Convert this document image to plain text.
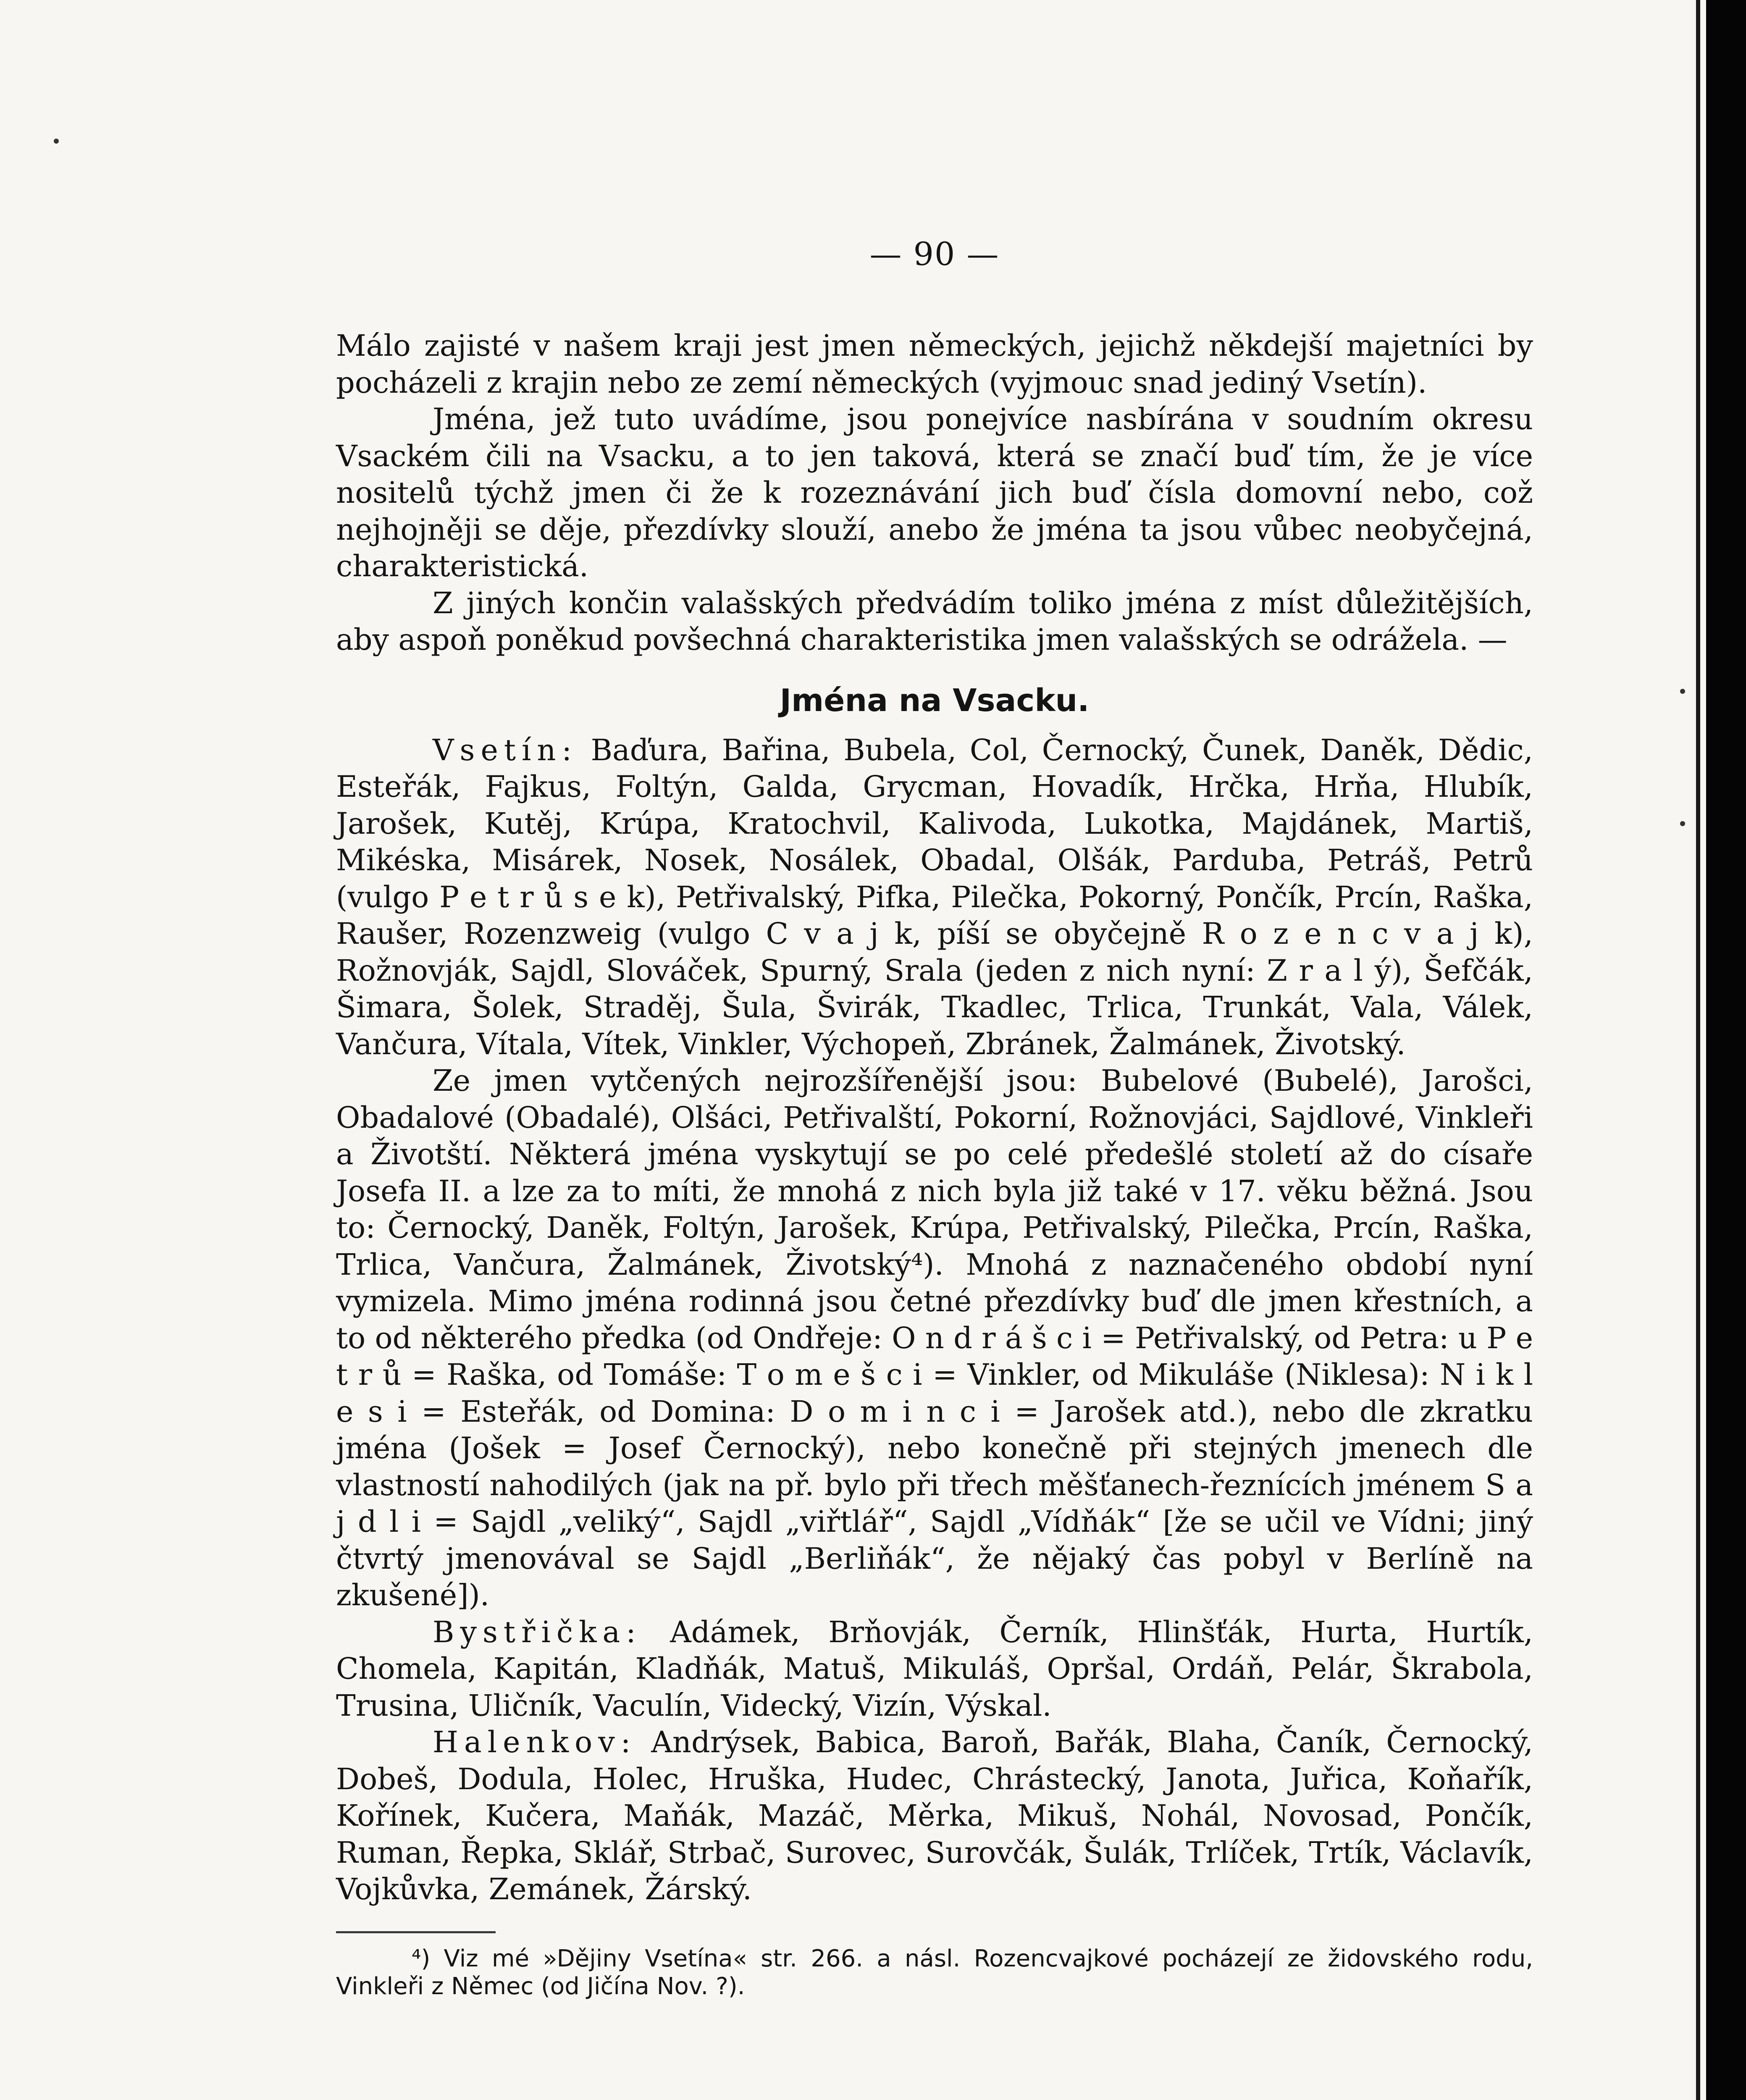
— 90 —

Málo zajisté v našem kraji jest jmen německých, jejichž někdejší majetníci by pocházeli z krajin nebo ze zemí německých (vyjmouc snad jediný Vsetín).

Jména, jež tuto uvádíme, jsou ponejvíce nasbírána v soudním okresu Vsackém čili na Vsacku, a to jen taková, která se značí buď tím, že je více nositelů týchž jmen či že k rozeznávání jich buď čísla domovní nebo, což nejhojněji se děje, přezdívky slouží, anebo že jména ta jsou vůbec neobyčejná, charakteristická.

Z jiných končin valašských předvádím toliko jména z míst důležitějších, aby aspoň poněkud povšechná charakteristika jmen valašských se odrážela. —

Jména na Vsacku.

Vsetín: Baďura, Bařina, Bubela, Col, Černocký, Čunek, Daněk, Dědic, Esteřák, Fajkus, Foltýn, Galda, Grycman, Hovadík, Hrčka, Hrňa, Hlubík, Jarošek, Kutěj, Krúpa, Kratochvil, Kalivoda, Lukotka, Majdánek, Martiš, Mikéska, Misárek, Nosek, Nosálek, Obadal, Olšák, Parduba, Petráš, Petrů (vulgo P e t r ů s e k), Petřivalský, Pifka, Pilečka, Pokorný, Pončík, Prcín, Raška, Raušer, Rozenzweig (vulgo C v a j k, píší se obyčejně R o z e n c v a j k), Rožnovják, Sajdl, Slováček, Spurný, Srala (jeden z nich nyní: Z r a l ý), Šefčák, Šimara, Šolek, Straděj, Šula, Švirák, Tkadlec, Trlica, Trunkát, Vala, Válek, Vančura, Vítala, Vítek, Vinkler, Výchopeň, Zbránek, Žalmánek, Životský.

Ze jmen vytčených nejrozšířenější jsou: Bubelové (Bubelé), Jarošci, Obadalové (Obadalé), Olšáci, Petřivalští, Pokorní, Rožnovjáci, Sajdlové, Vinkleři a Životští. Některá jména vyskytují se po celé předešlé století až do císaře Josefa II. a lze za to míti, že mnohá z nich byla již také v 17. věku běžná. Jsou to: Černocký, Daněk, Foltýn, Jarošek, Krúpa, Petřivalský, Pilečka, Prcín, Raška, Trlica, Vančura, Žalmánek, Životský⁴). Mnohá z naznačeného období nyní vymizela. Mimo jména rodinná jsou četné přezdívky buď dle jmen křestních, a to od některého předka (od Ondřeje: O n d r á š c i = Petřivalský, od Petra: u P e t r ů = Raška, od Tomáše: T o m e š c i = Vinkler, od Mikuláše (Niklesa): N i k l e s i = Esteřák, od Domina: D o m i n c i = Jarošek atd.), nebo dle zkratku jména (Jošek = Josef Černocký), nebo konečně při stejných jmenech dle vlastností nahodilých (jak na př. bylo při třech měšťanech-řeznících jménem S a j d l i = Sajdl „veliký“, Sajdl „viřtlář“, Sajdl „Vídňák“ [že se učil ve Vídni; jiný čtvrtý jmenovával se Sajdl „Berliňák“, že nějaký čas pobyl v Berlíně na zkušené]).

Bystřička: Adámek, Brňovják, Černík, Hlinšťák, Hurta, Hurtík, Chomela, Kapitán, Kladňák, Matuš, Mikuláš, Opršal, Ordáň, Pelár, Škrabola, Trusina, Uličník, Vaculín, Videcký, Vizín, Výskal.

Halenkov: Andrýsek, Babica, Baroň, Bařák, Blaha, Čaník, Černocký, Dobeš, Dodula, Holec, Hruška, Hudec, Chrástecký, Janota, Juřica, Koňařík, Kořínek, Kučera, Maňák, Mazáč, Měrka, Mikuš, Nohál, Novosad, Pončík, Ruman, Řepka, Sklář, Strbač, Surovec, Surovčák, Šulák, Trlíček, Trtík, Václavík, Vojkůvka, Zemánek, Žárský.

⁴) Viz mé »Dějiny Vsetína« str. 266. a násl. Rozencvajkové pocházejí ze židovského rodu, Vinkleři z Němec (od Jičína Nov. ?).
